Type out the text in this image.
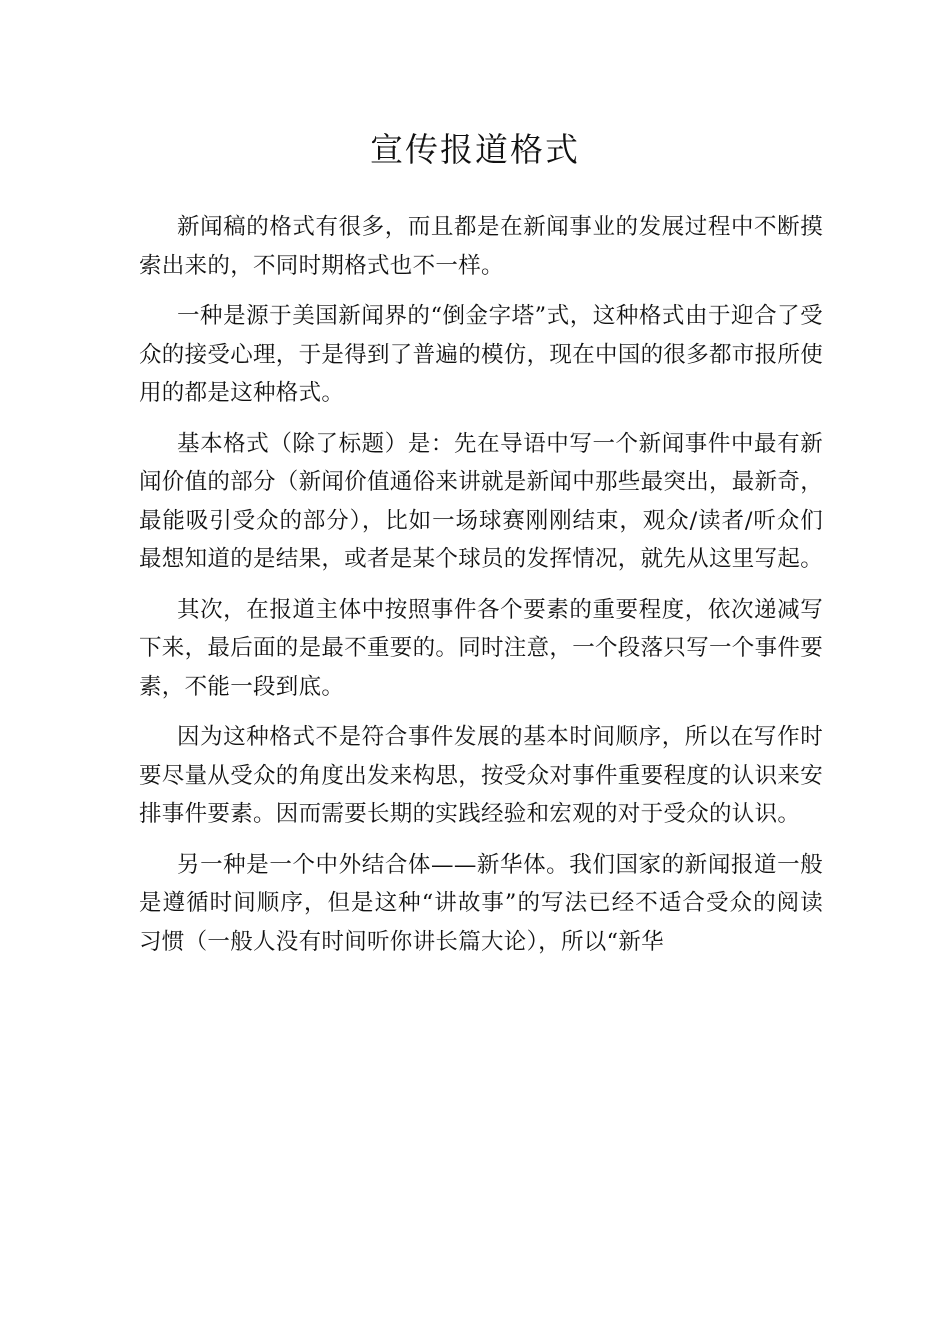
宣传报道格式

新闻稿的格式有很多，而且都是在新闻事业的发展过程中不断摸索出来的，不同时期格式也不一样。

一种是源于美国新闻界的“倒金字塔”式，这种格式由于迎合了受众的接受心理，于是得到了普遍的模仿，现在中国的很多都市报所使用的都是这种格式。

基本格式（除了标题）是：先在导语中写一个新闻事件中最有新闻价值的部分（新闻价值通俗来讲就是新闻中那些最突出，最新奇，最能吸引受众的部分），比如一场球赛刚刚结束，观众/读者/听众们最想知道的是结果，或者是某个球员的发挥情况，就先从这里写起。

其次，在报道主体中按照事件各个要素的重要程度，依次递减写下来，最后面的是最不重要的。同时注意，一个段落只写一个事件要素，不能一段到底。

因为这种格式不是符合事件发展的基本时间顺序，所以在写作时要尽量从受众的角度出发来构思，按受众对事件重要程度的认识来安排事件要素。因而需要长期的实践经验和宏观的对于受众的认识。

另一种是一个中外结合体——新华体。我们国家的新闻报道一般是遵循时间顺序，但是这种“讲故事”的写法已经不适合受众的阅读习惯（一般人没有时间听你讲长篇大论），所以“新华
